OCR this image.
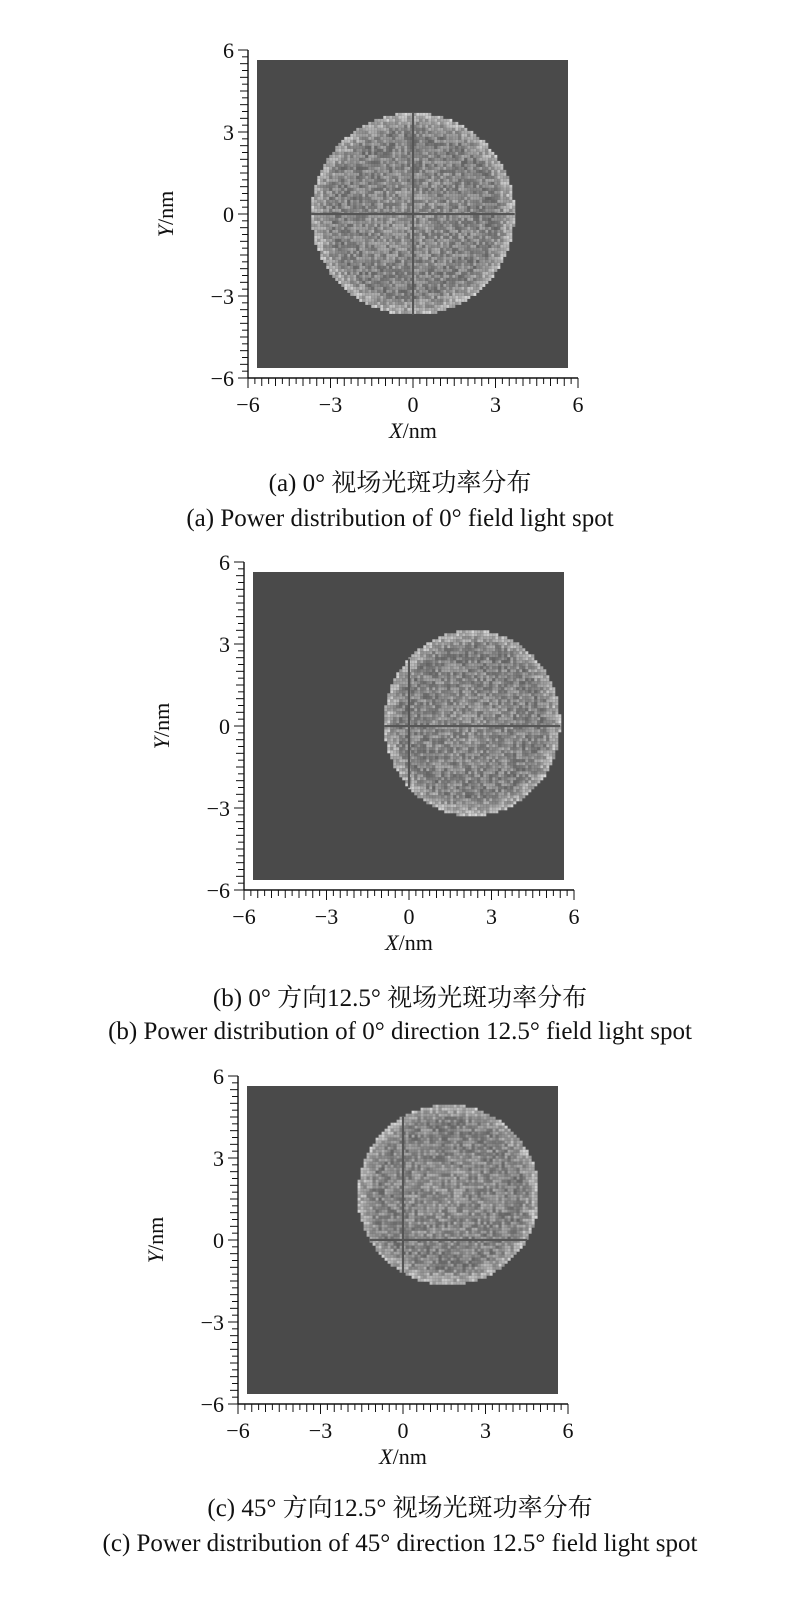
−6	−3	0	3	6
6
3
0
−3
−6
X/nm
Y/nm
(a) 0° 视场光斑功率分布
(a) Power distribution of 0° field light spot
−6	−3	0	3	6
6
3
0
−3
−6
X/nm
Y/nm
(b) 0° 方向12.5° 视场光斑功率分布
(b) Power distribution of 0° direction 12.5° field light spot
−6	−3	0	3	6
6
3
0
−3
−6
X/nm
Y/nm
(c) 45° 方向12.5° 视场光斑功率分布
(c) Power distribution of 45° direction 12.5° field light spot
